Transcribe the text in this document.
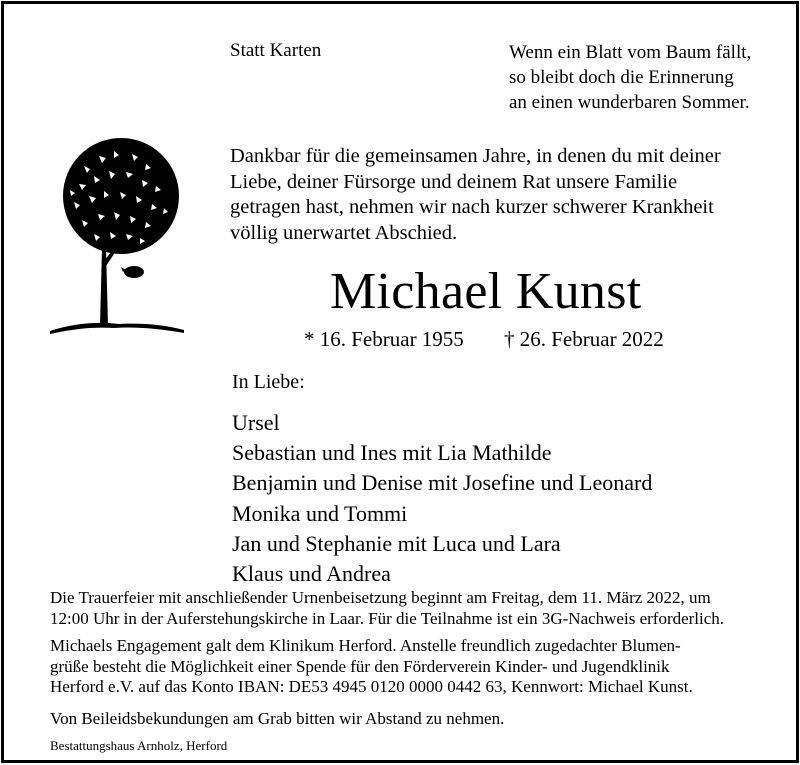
Statt Karten	Wenn ein Blatt vom Baum fällt,
so bleibt doch die Erinnerung
an einen wunderbaren Sommer.
Dankbar für die gemeinsamen Jahre, in denen du mit deiner
Liebe, deiner Fürsorge und deinem Rat unsere Familie
getragen hast, nehmen wir nach kurzer schwerer Krankheit
völlig unerwartet Abschied.
Michael Kunst
* 16. Februar 1955 † 26. Februar 2022
In Liebe:
Ursel
Sebastian und Ines mit Lia Mathilde
Benjamin und Denise mit Josefine und Leonard
Monika und Tommi
Jan und Stephanie mit Luca und Lara
Klaus und Andrea
Die Trauerfeier mit anschließender Urnenbeisetzung beginnt am Freitag, dem 11. März 2022, um
12:00 Uhr in der Auferstehungskirche in Laar. Für die Teilnahme ist ein 3G-Nachweis erforderlich.
Michaels Engagement galt dem Klinikum Herford. Anstelle freundlich zugedachter Blumen-
grüße besteht die Möglichkeit einer Spende für den Förderverein Kinder- und Jugendklinik
Herford e.V. auf das Konto IBAN: DE53 4945 0120 0000 0442 63, Kennwort: Michael Kunst.
Von Beileidsbekundungen am Grab bitten wir Abstand zu nehmen.
Bestattungshaus Arnholz, Herford
